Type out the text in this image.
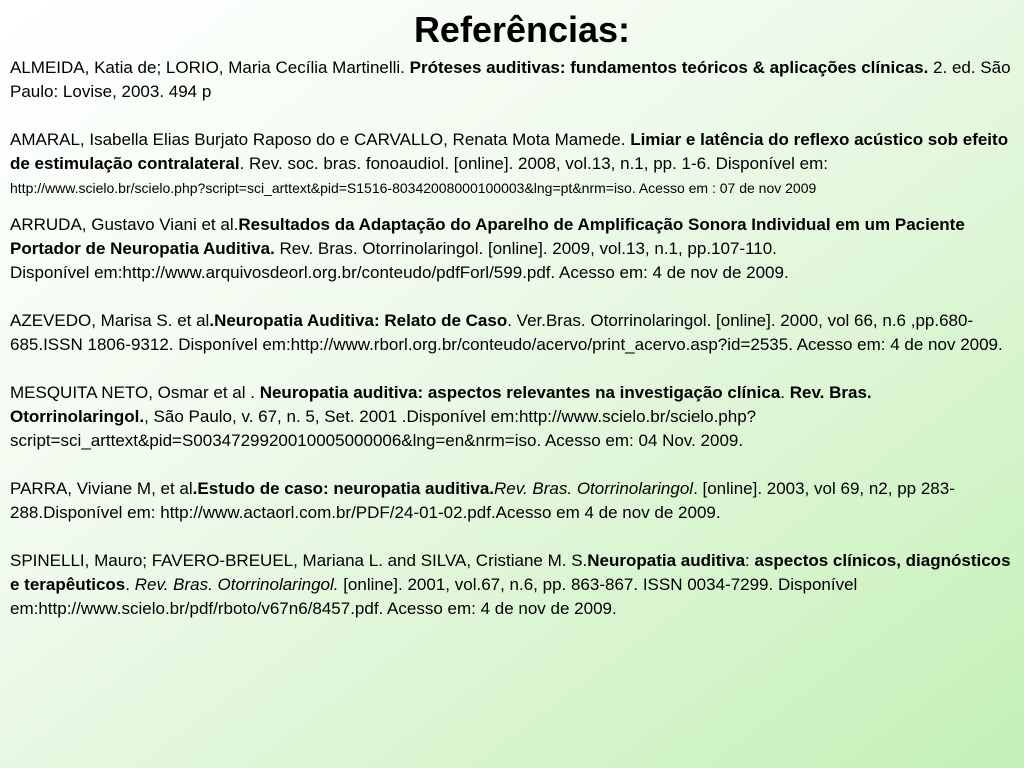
Referências:

ALMEIDA, Katia de; LORIO, Maria Cecília Martinelli. Próteses auditivas: fundamentos teóricos & aplicações clínicas. 2. ed. São Paulo: Lovise, 2003. 494 p

AMARAL, Isabella Elias Burjato Raposo do e CARVALLO, Renata Mota Mamede. Limiar e latência do reflexo acústico sob efeito de estimulação contralateral. Rev. soc. bras. fonoaudiol. [online]. 2008, vol.13, n.1, pp. 1-6. Disponível em: http://www.scielo.br/scielo.php?script=sci_arttext&pid=S1516-80342008000100003&lng=pt&nrm=iso. Acesso em : 07 de nov 2009

ARRUDA, Gustavo Viani et al.Resultados da Adaptação do Aparelho de Amplificação Sonora Individual em um Paciente Portador de Neuropatia Auditiva. Rev. Bras. Otorrinolaringol. [online]. 2009, vol.13, n.1, pp.107-110.
Disponível em:http://www.arquivosdeorl.org.br/conteudo/pdfForl/599.pdf. Acesso em: 4 de nov de 2009.

AZEVEDO, Marisa S. et al.Neuropatia Auditiva: Relato de Caso. Ver.Bras. Otorrinolaringol. [online]. 2000, vol 66, n.6 ,pp.680-685.ISSN 1806-9312. Disponível em:http://www.rborl.org.br/conteudo/acervo/print_acervo.asp?id=2535. Acesso em: 4 de nov 2009.

MESQUITA NETO, Osmar et al . Neuropatia auditiva: aspectos relevantes na investigação clínica. Rev. Bras. Otorrinolaringol., São Paulo, v. 67, n. 5, Set. 2001 .Disponível em:http://www.scielo.br/scielo.php?script=sci_arttext&pid=S0034729920010005000006&lng=en&nrm=iso. Acesso em: 04 Nov. 2009.

PARRA, Viviane M, et al.Estudo de caso: neuropatia auditiva.Rev. Bras. Otorrinolaringol. [online]. 2003, vol 69, n2, pp 283-288.Disponível em: http://www.actaorl.com.br/PDF/24-01-02.pdf.Acesso em 4 de nov de 2009.

SPINELLI, Mauro; FAVERO-BREUEL, Mariana L. and SILVA, Cristiane M. S.Neuropatia auditiva: aspectos clínicos, diagnósticos e terapêuticos. Rev. Bras. Otorrinolaringol. [online]. 2001, vol.67, n.6, pp. 863-867. ISSN 0034-7299. Disponível em:http://www.scielo.br/pdf/rboto/v67n6/8457.pdf. Acesso em: 4 de nov de 2009.
